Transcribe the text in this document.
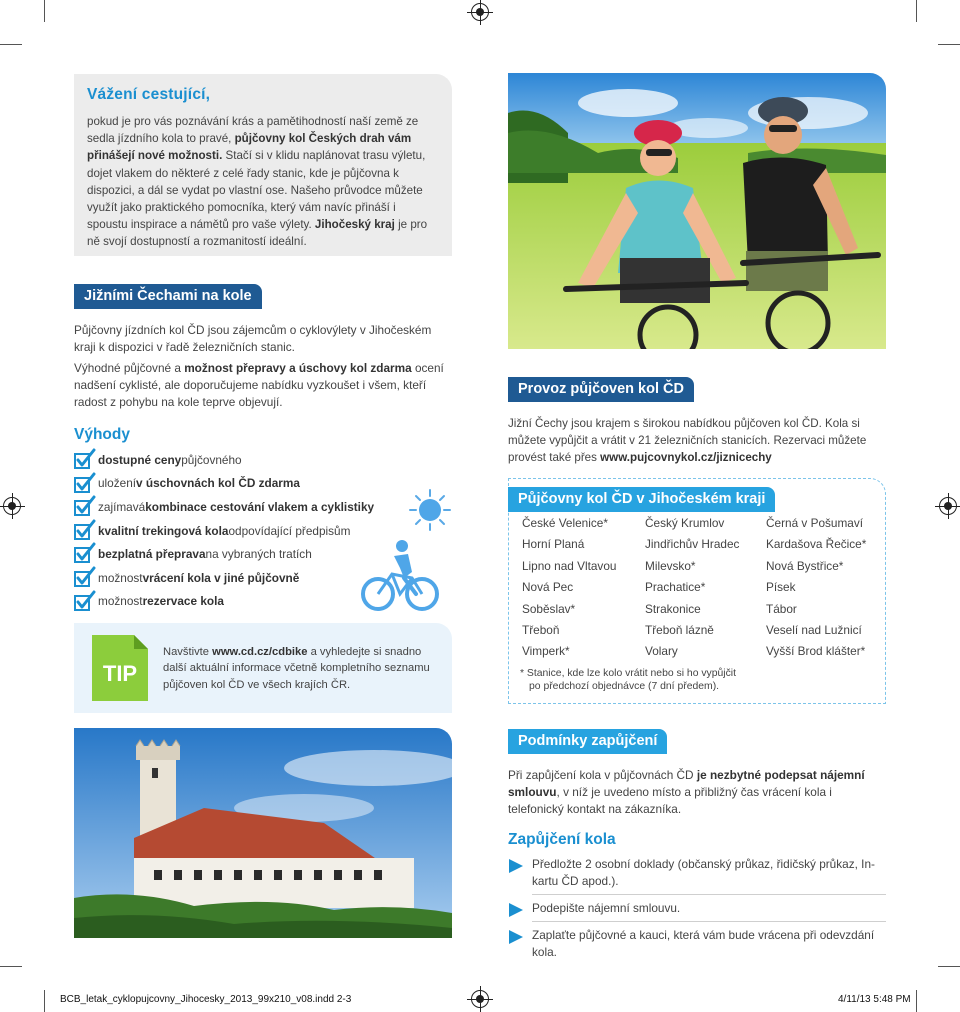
Vážení cestující,

pokud je pro vás poznávání krás a pamětihodností naší země ze sedla jízdního kola to pravé, půjčovny kol Českých drah vám přinášejí nové možnosti. Stačí si v klidu naplánovat trasu výletu, dojet vlakem do některé z celé řady stanic, kde je půjčovna k dispozici, a dál se vydat po vlastní ose. Našeho průvodce můžete využít jako praktického pomocníka, který vám navíc přináší i spoustu inspirace a námětů pro vaše výlety. Jihočeský kraj je pro ně svojí dostupností a rozmanitostí ideální.

Jižními Čechami na kole
Půjčovny jízdních kol ČD jsou zájemcům o cyklovýlety v Jihočeském kraji k dispozici v řadě železničních stanic.
Výhodné půjčovné a možnost přepravy a úschovy kol zdarma ocení nadšení cyklisté, ale doporučujeme nabídku vyzkoušet i všem, kteří radost z pohybu na kole teprve objevují.
Výhody
dostupné ceny půjčovného
uložení v úschovnách kol ČD zdarma
zajímavá kombinace cestování vlakem a cyklistiky
kvalitní trekingová kola odpovídající předpisům
bezplatná přeprava na vybraných tratích
možnost vrácení kola v jiné půjčovně
možnost rezervace kola
TIP
Navštivte www.cd.cz/cdbike a vyhledejte si snadno další aktuální informace včetně kompletního seznamu půjčoven kol ČD ve všech krajích ČR.
Provoz půjčoven kol ČD
Jižní Čechy jsou krajem s širokou nabídkou půjčoven kol ČD. Kola si můžete vypůjčit a vrátit v 21 železničních stanicích. Rezervaci můžete provést také přes www.pujcovnykol.cz/jiznicechy
Půjčovny kol ČD v Jihočeském kraji
České Velenice*
Horní Planá
Lipno nad Vltavou
Nová Pec
Soběslav*
Třeboň
Vimperk*
Český Krumlov
Jindřichův Hradec
Milevsko*
Prachatice*
Strakonice
Třeboň lázně
Volary
Černá v Pošumaví
Kardašova Řečice*
Nová Bystřice*
Písek
Tábor
Veselí nad Lužnicí
Vyšší Brod klášter*
* Stanice, kde lze kolo vrátit nebo si ho vypůjčit
po předchozí objednávce (7 dní předem).
Podmínky zapůjčení
Při zapůjčení kola v půjčovnách ČD je nezbytné podepsat nájemní smlouvu, v níž je uvedeno místo a přibližný čas vrácení kola i telefonický kontakt na zákazníka.
Zapůjčení kola
Předložte 2 osobní doklady (občanský průkaz, řidičský průkaz, In-kartu ČD apod.).
Podepište nájemní smlouvu.
Zaplaťte půjčovné a kauci, která vám bude vrácena při odevzdání kola.
BCB_letak_cyklopujcovny_Jihocesky_2013_99x210_v08.indd 2-3	4/11/13 5:48 PM
